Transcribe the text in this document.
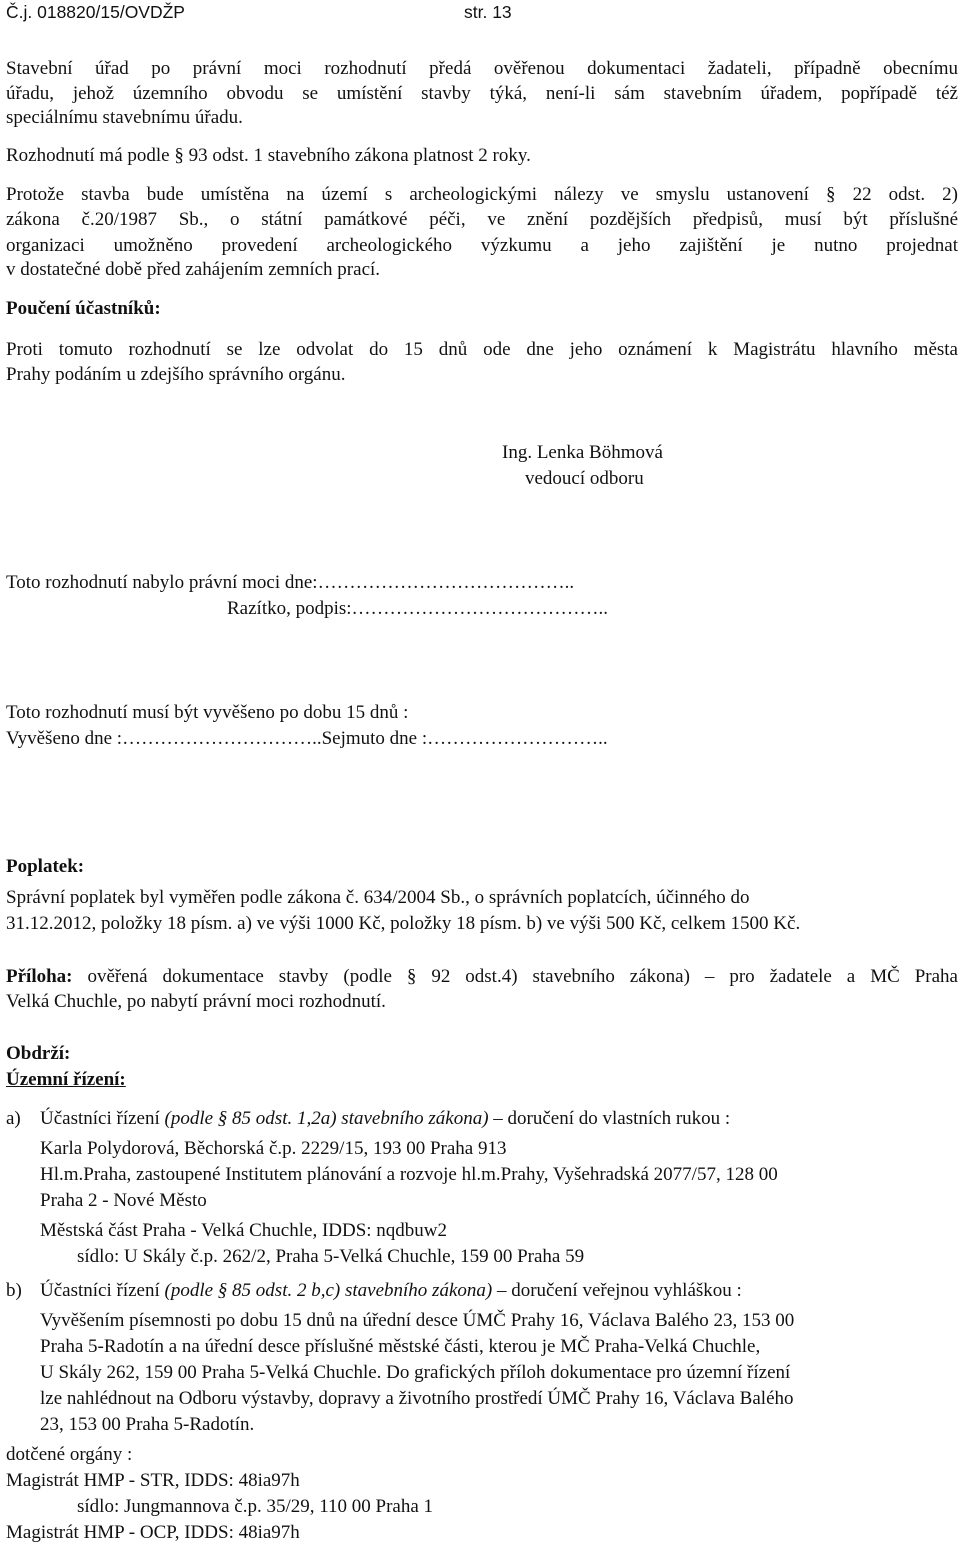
Č.j. 018820/15/OVDŽP	str. 13

Stavební úřad po právní moci rozhodnutí předá ověřenou dokumentaci žadateli, případně obecnímu

úřadu, jehož územního obvodu se umístění stavby týká, není-li sám stavebním úřadem, popřípadě též

speciálnímu stavebnímu úřadu.

Rozhodnutí má podle § 93 odst. 1 stavebního zákona platnost 2 roky.

Protože stavba bude umístěna na území s archeologickými nálezy ve smyslu ustanovení § 22 odst. 2)

zákona č.20/1987 Sb., o státní památkové péči, ve znění pozdějších předpisů, musí být příslušné

organizaci umožněno provedení archeologického výzkumu a jeho zajištění je nutno projednat

v dostatečné době před zahájením zemních prací.

Poučení účastníků:

Proti tomuto rozhodnutí se lze odvolat do 15 dnů ode dne jeho oznámení k Magistrátu hlavního města

Prahy podáním u zdejšího správního orgánu.

Ing. Lenka Böhmová

vedoucí odboru

Toto rozhodnutí nabylo právní moci dne:…………………………………..

Razítko, podpis:…………………………………..

Toto rozhodnutí musí být vyvěšeno po dobu 15 dnů :

Vyvěšeno dne :…………………………..Sejmuto dne :………………………..

Poplatek:

Správní poplatek byl vyměřen podle zákona č. 634/2004 Sb., o správních poplatcích, účinného do

31.12.2012, položky 18 písm. a) ve výši 1000 Kč, položky 18 písm. b) ve výši 500 Kč, celkem 1500 Kč.

Příloha: ověřená dokumentace stavby (podle § 92 odst.4) stavebního zákona) – pro žadatele a MČ Praha

Velká Chuchle, po nabytí právní moci rozhodnutí.

Obdrží:

Územní řízení:

a) Účastníci řízení (podle § 85 odst. 1,2a) stavebního zákona) – doručení do vlastních rukou :

Karla Polydorová, Běchorská č.p. 2229/15, 193 00 Praha 913

Hl.m.Praha, zastoupené Institutem plánování a rozvoje hl.m.Prahy, Vyšehradská 2077/57, 128 00

Praha 2 - Nové Město

Městská část Praha - Velká Chuchle, IDDS: nqdbuw2

sídlo: U Skály č.p. 262/2, Praha 5-Velká Chuchle, 159 00 Praha 59

b) Účastníci řízení (podle § 85 odst. 2 b,c) stavebního zákona) – doručení veřejnou vyhláškou :

Vyvěšením písemnosti po dobu 15 dnů na úřední desce ÚMČ Prahy 16, Václava Balého 23, 153 00

Praha 5-Radotín a na úřední desce příslušné městské části, kterou je MČ Praha-Velká Chuchle,

U Skály 262, 159 00 Praha 5-Velká Chuchle. Do grafických příloh dokumentace pro územní řízení

lze nahlédnout na Odboru výstavby, dopravy a životního prostředí ÚMČ Prahy 16, Václava Balého

23, 153 00 Praha 5-Radotín.

dotčené orgány :

Magistrát HMP - STR, IDDS: 48ia97h

sídlo: Jungmannova č.p. 35/29, 110 00 Praha 1

Magistrát HMP - OCP, IDDS: 48ia97h
